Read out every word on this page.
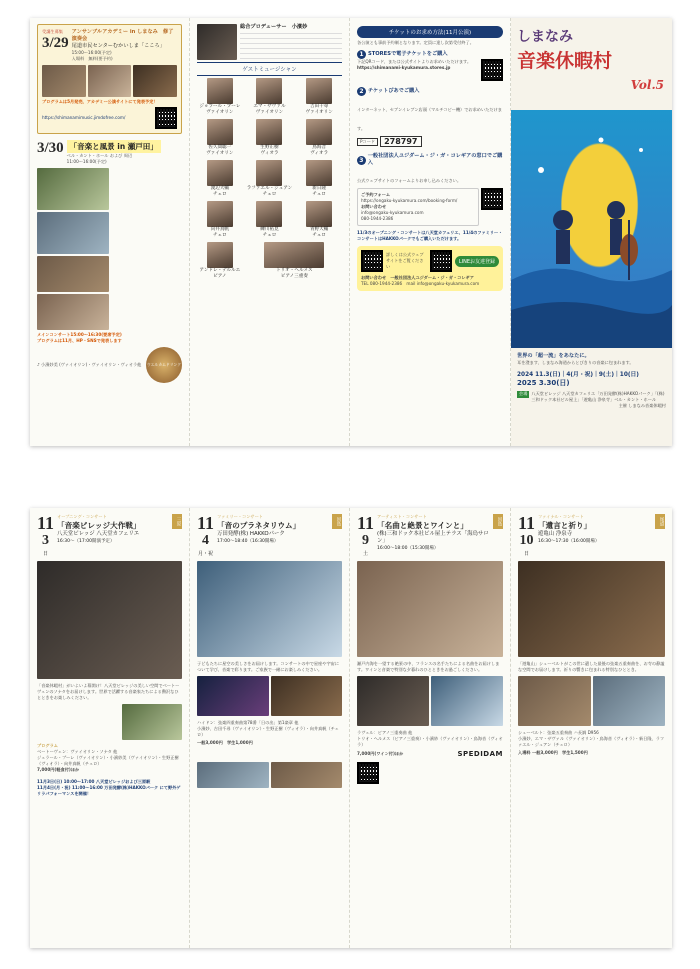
受講生募集
3/29
アンサンブルアカデミー in しまなみ　修了演奏会
尾道市民センターむかいしま「こころ」
15:00～16:00(予定)
入場料　無料(要予約)
プログラムは5月発売、アカデミー公演サイトにて発表予定！
https://shimanamimusic.jimdofree.com/
3/30 「音楽と風景 in 瀬戸田」
ベル・カント・ホール および 周辺
11:00～16:00(予定)
メインコンサート15:00～16:30(要席予定)
プログラムは11月、HP・SNSで発表します
♪ 小濱妙美 (ヴァイオリン)・ヴァイオリン・ヴィオラ他	ウエルカムドリンク
総合プロデューサー　小濱妙
ゲストミュージシャン
ジョラール・プーレ
ヴァイオリン
エマ・ザヴァル
ヴァイオリン
吉田千尋
ヴァイオリン
佐久間聡一
ヴァイオリン
生野正樹
ヴィオラ
鳥海音
ヴィオラ
渡辺大輔
チェロ
ラファエル・ジュアン
チェロ
新日隆
チェロ
向井真帆
チェロ
練川祐見
チェロ
青野大輔
チェロ
アンドレ・デルルエ
ピアノ
トリオ・ヘルメス
ピアノ三重奏
チケットのお求め方法(11月公演)
各公演とも事前予約制となります。定員に達し次第受付終了。
1 STORESで電子チケットをご購入
下記QRコード、または公式サイトよりお求めいただけます。
https://shimanami-kyukamura.stores.jp
2 チケットぴあでご購入
インターネット、セブンイレブン店頭（マルチコピー機）でお求めいただけます。
Pコード	278797
3
一般社団法人ユジダーム・ジ・ガ・コレギアの窓口でご購入
公式ウェブサイトのフォームよりお申し込みください。
ご予約フォーム
https://ongaku-kyukamura.com/booking-form/
お問い合わせ
info@ongaku-kyukamura.com
080-1944-2386
11/3のオープニング・コンサートは八天堂カフェリエ、11/4のファミリー・コンサートはHAKKOパークでもご購入いただけます。
詳しくは公式ウェブサイトをご覧ください
LINEお友達登録
お問い合わせ　一般社団法人ユジダーム・ジ・ガ・コレギア
TEL 080-1944-2386　mail info@ongaku-kyukamura.com
しまなみ
音楽休暇村
Vol.5
世界の「超一流」をあなたに。
耳を澄ます、しまなみ海道からとびきりの音楽に包まれます。
2024 11.3(日)｜4(月・祝)｜9(土)｜10(日)
2025 3.30(日)
会場 八天堂ビレッジ 八天堂カフェリエ「万田発酵(株)HAKKOパーク」「(株)三和ドック本社ビル屋上」「遊亀山 浄泉寺」ベル・カント・ホール
主催 しまなみ音楽休暇村
11
3
日
オープニング・コンサート
「音楽ビレッジ大作戦」
八天堂ビレッジ 八天堂カフェリエ
16:30～（17:00開演予定）
三原
「音楽休暇村」がいよいよ幕開け！八天堂ビレッジの美しい空間でベートーヴェンのソナタをお届けします。世界で活躍する音楽家たちによる贅沢なひとときをお楽しみください。
プログラム
ベートーヴェン：ヴァイオリン・ソナタ 他
ジェラール・プーレ（ヴァイオリン）・小濱妙美（ヴァイオリン）・生野正樹（ヴィオラ）・向井真帆（チェロ）
7,000円(軽食付)ほか
11月3日(日) 10:00～17:00 八天堂ビレッジおよび三原駅
11月4日(月・祝) 11:00～16:00 万田発酵(株)HAKKOパーク にて野外ゲリラパフォーマンスを開催！
11
4
月・祝
ファミリー・コンサート
「音のプラネタリウム」
万田発酵(株) HAKKOパーク
17:00～18:40（16:30開場）
因島
子どもたちに星空の美しさをお届けします。コンサートの中で星座や宇宙について学び、音楽で彩ります。ご家族で一緒にお楽しみください。
ハイドン：弦楽四重奏曲第78番「日の出」第1楽章 他
小濱妙、吉田千尋（ヴァイオリン）・生野正樹（ヴィオラ）・向井真帆（チェロ）
一般3,000円　学生1,000円
11
9
土
アーティスト・コンサート
「名曲と絶景とワインと」
(株)三和ドック本社ビル屋上テラス「海鳥サロン」
16:00～18:00（15:30開場）
因島
瀬戸内海を一望する絶景の中、フランスの名手たちによる名曲をお届けします。ワインと音楽で特別な夕暮れのひとときをお過ごしください。
ラヴェル：ピアノ三重奏曲 他
トリオ・ヘルメス（ピアノ三重奏）・小濱妙（ヴァイオリン）・鳥海音（ヴィオラ）
7,000円(ワイン付)ほか	SPEDIDAM
11
10
日
ファイナル・コンサート
「遺言と祈り」
遊亀山 浄泉寺
16:30～17:30（16:00開場）
尾道
「遊亀山」シューベルトがこの世に遺した最後の弦楽五重奏曲を、お寺の静謐な空間でお届けします。祈りの響きに包まれる特別なひととき。
シューベルト：弦楽五重奏曲 ハ長調 D956
小濱妙、エマ・ザヴァル（ヴァイオリン）・鳥海音（ヴィオラ）・新日隆、ラファエル・ジュアン（チェロ）
入場料 一般3,000円　学生1,500円
